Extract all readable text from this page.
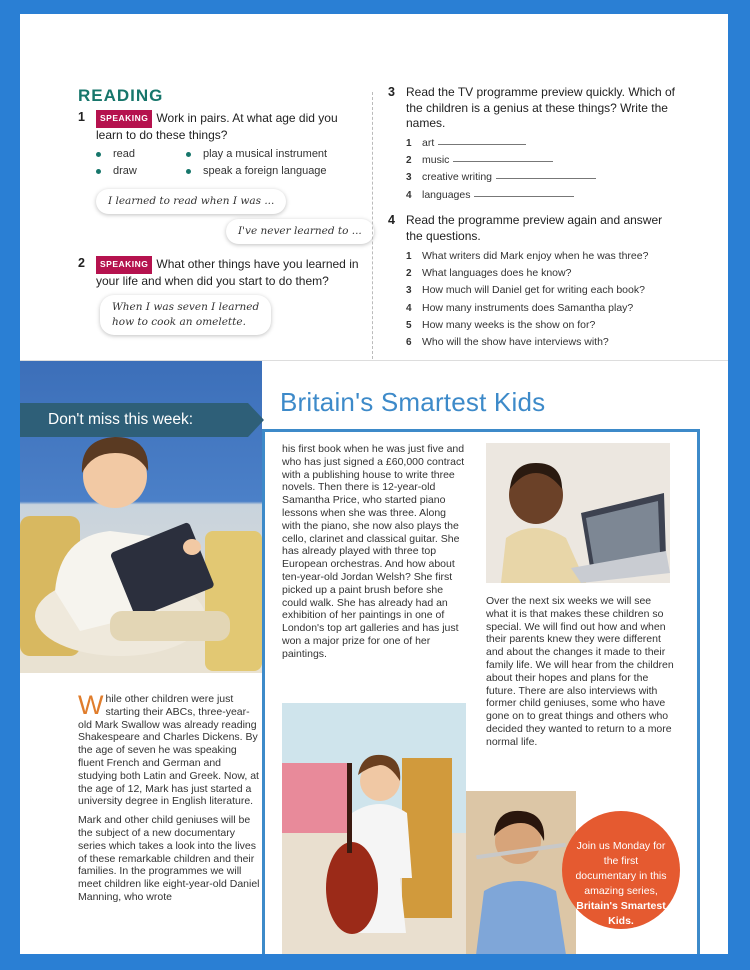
READING
1 SPEAKING Work in pairs. At what age did you learn to do these things?
read
draw
play a musical instrument
speak a foreign language
I learned to read when I was ...
I've never learned to ...
2 SPEAKING What other things have you learned in your life and when did you start to do them?
When I was seven I learned
how to cook an omelette.
3 Read the TV programme preview quickly. Which of the children is a genius at these things? Write the names.
1 art
2 music
3 creative writing
4 languages
4 Read the programme preview again and answer the questions.
1 What writers did Mark enjoy when he was three?
2 What languages does he know?
3 How much will Daniel get for writing each book?
4 How many instruments does Samantha play?
5 How many weeks is the show on for?
6 Who will the show have interviews with?
Don't miss this week:
Britain's Smartest Kids

While other children were just starting their ABCs, three-year-old Mark Swallow was already reading Shakespeare and Charles Dickens. By the age of seven he was speaking fluent French and German and studying both Latin and Greek. Now, at the age of 12, Mark has just started a university degree in English literature.

Mark and other child geniuses will be the subject of a new documentary series which takes a look into the lives of these remarkable children and their families. In the programmes we will meet children like eight-year-old Daniel Manning, who wrote

his first book when he was just five and who has just signed a £60,000 contract with a publishing house to write three novels. Then there is 12-year-old Samantha Price, who started piano lessons when she was three. Along with the piano, she now also plays the cello, clarinet and classical guitar. She has already played with three top European orchestras. And how about ten-year-old Jordan Welsh? She first picked up a paint brush before she could walk. She has already had an exhibition of her paintings in one of London's top art galleries and has just won a major prize for one of her paintings.
Over the next six weeks we will see what it is that makes these children so special. We will find out how and when their parents knew they were different and about the changes it made to their family life. We will hear from the children about their hopes and plans for the future. There are also interviews with former child geniuses, some who have gone on to great things and others who decided they wanted to return to a more normal life.
Join us Monday for the first documentary in this amazing series, Britain's Smartest Kids.
